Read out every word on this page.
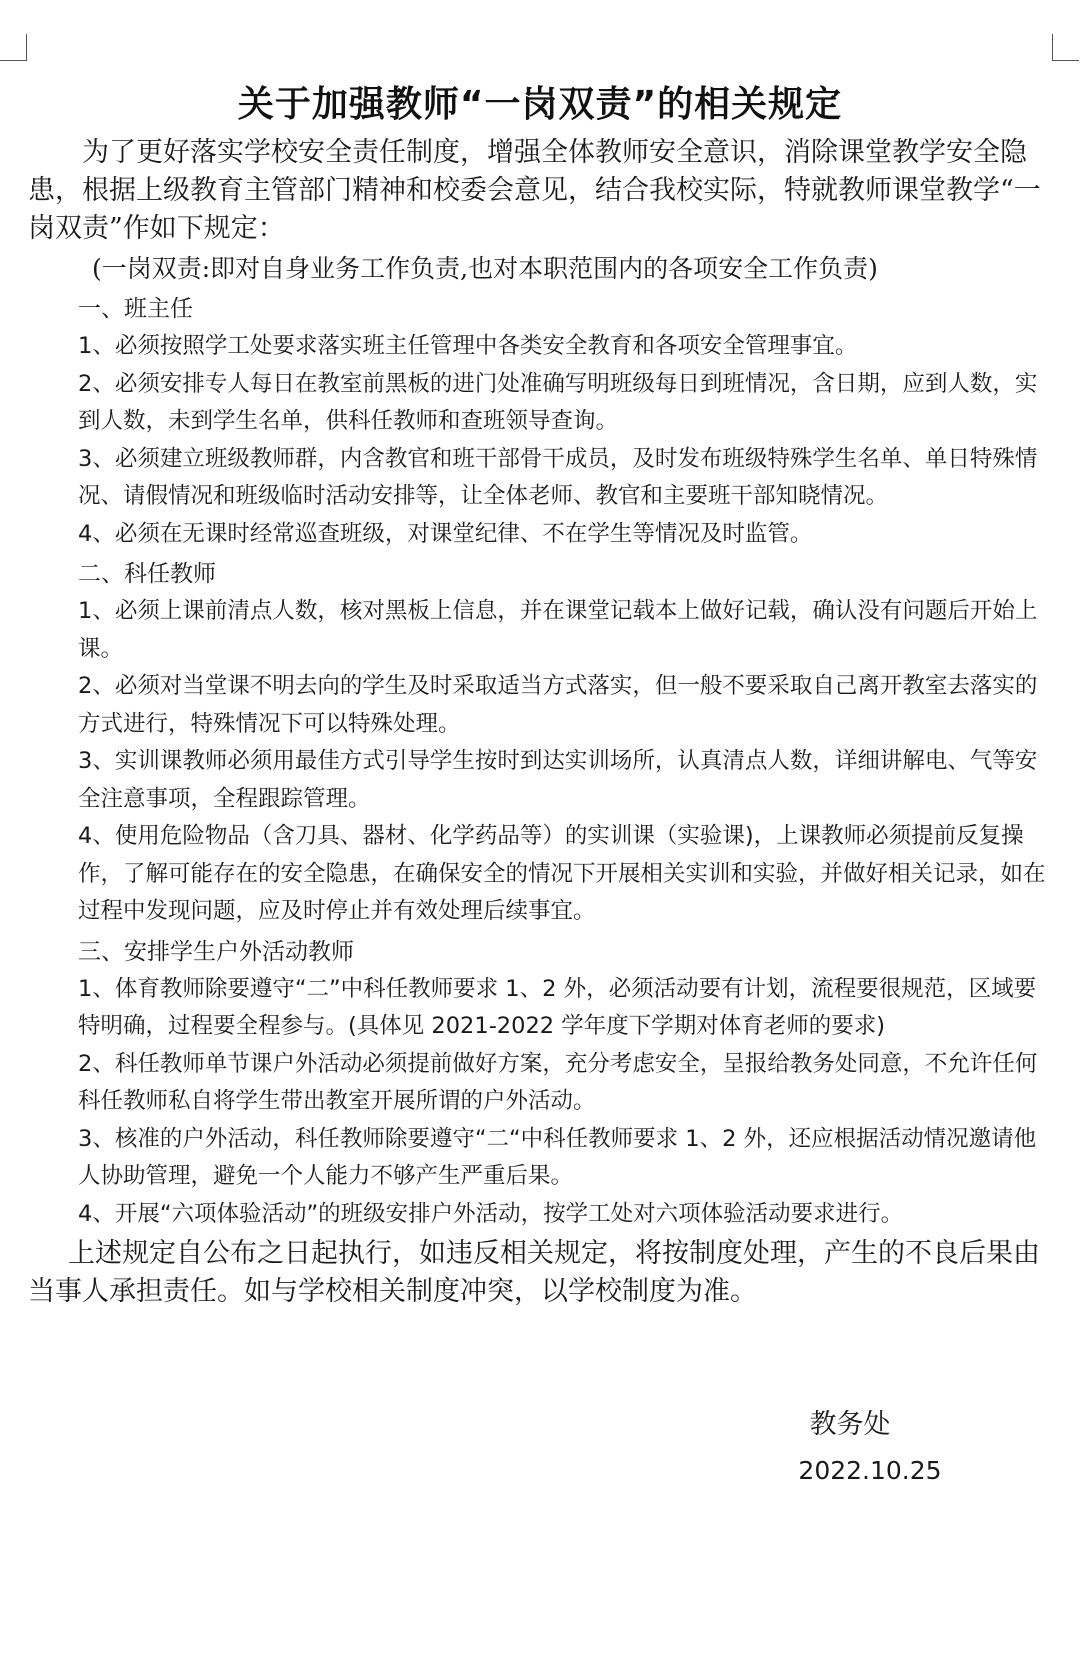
关于加强教师“一岗双责”的相关规定

为了更好落实学校安全责任制度，增强全体教师安全意识，消除课堂教学安全隐患，根据上级教育主管部门精神和校委会意见，结合我校实际，特就教师课堂教学“一岗双责”作如下规定：

(一岗双责:即对自身业务工作负责,也对本职范围内的各项安全工作负责)

一、班主任

1、必须按照学工处要求落实班主任管理中各类安全教育和各项安全管理事宜。

2、必须安排专人每日在教室前黑板的进门处准确写明班级每日到班情况，含日期，应到人数，实到人数，未到学生名单，供科任教师和查班领导查询。

3、必须建立班级教师群，内含教官和班干部骨干成员，及时发布班级特殊学生名单、单日特殊情况、请假情况和班级临时活动安排等，让全体老师、教官和主要班干部知晓情况。

4、必须在无课时经常巡查班级，对课堂纪律、不在学生等情况及时监管。

二、科任教师

1、必须上课前清点人数，核对黑板上信息，并在课堂记载本上做好记载，确认没有问题后开始上课。

2、必须对当堂课不明去向的学生及时采取适当方式落实，但一般不要采取自己离开教室去落实的方式进行，特殊情况下可以特殊处理。

3、实训课教师必须用最佳方式引导学生按时到达实训场所，认真清点人数，详细讲解电、气等安全注意事项，全程跟踪管理。

4、使用危险物品（含刀具、器材、化学药品等）的实训课（实验课)，上课教师必须提前反复操作，了解可能存在的安全隐患，在确保安全的情况下开展相关实训和实验，并做好相关记录，如在过程中发现问题，应及时停止并有效处理后续事宜。

三、安排学生户外活动教师

1、体育教师除要遵守“二”中科任教师要求 1、2 外，必须活动要有计划，流程要很规范，区域要特明确，过程要全程参与。(具体见 2021-2022 学年度下学期对体育老师的要求)

2、科任教师单节课户外活动必须提前做好方案，充分考虑安全，呈报给教务处同意，不允许任何科任教师私自将学生带出教室开展所谓的户外活动。

3、核准的户外活动，科任教师除要遵守“二“中科任教师要求 1、2 外，还应根据活动情况邀请他人协助管理，避免一个人能力不够产生严重后果。

4、开展“六项体验活动”的班级安排户外活动，按学工处对六项体验活动要求进行。

上述规定自公布之日起执行，如违反相关规定，将按制度处理，产生的不良后果由当事人承担责任。如与学校相关制度冲突，以学校制度为准。

教务处
2022.10.25
